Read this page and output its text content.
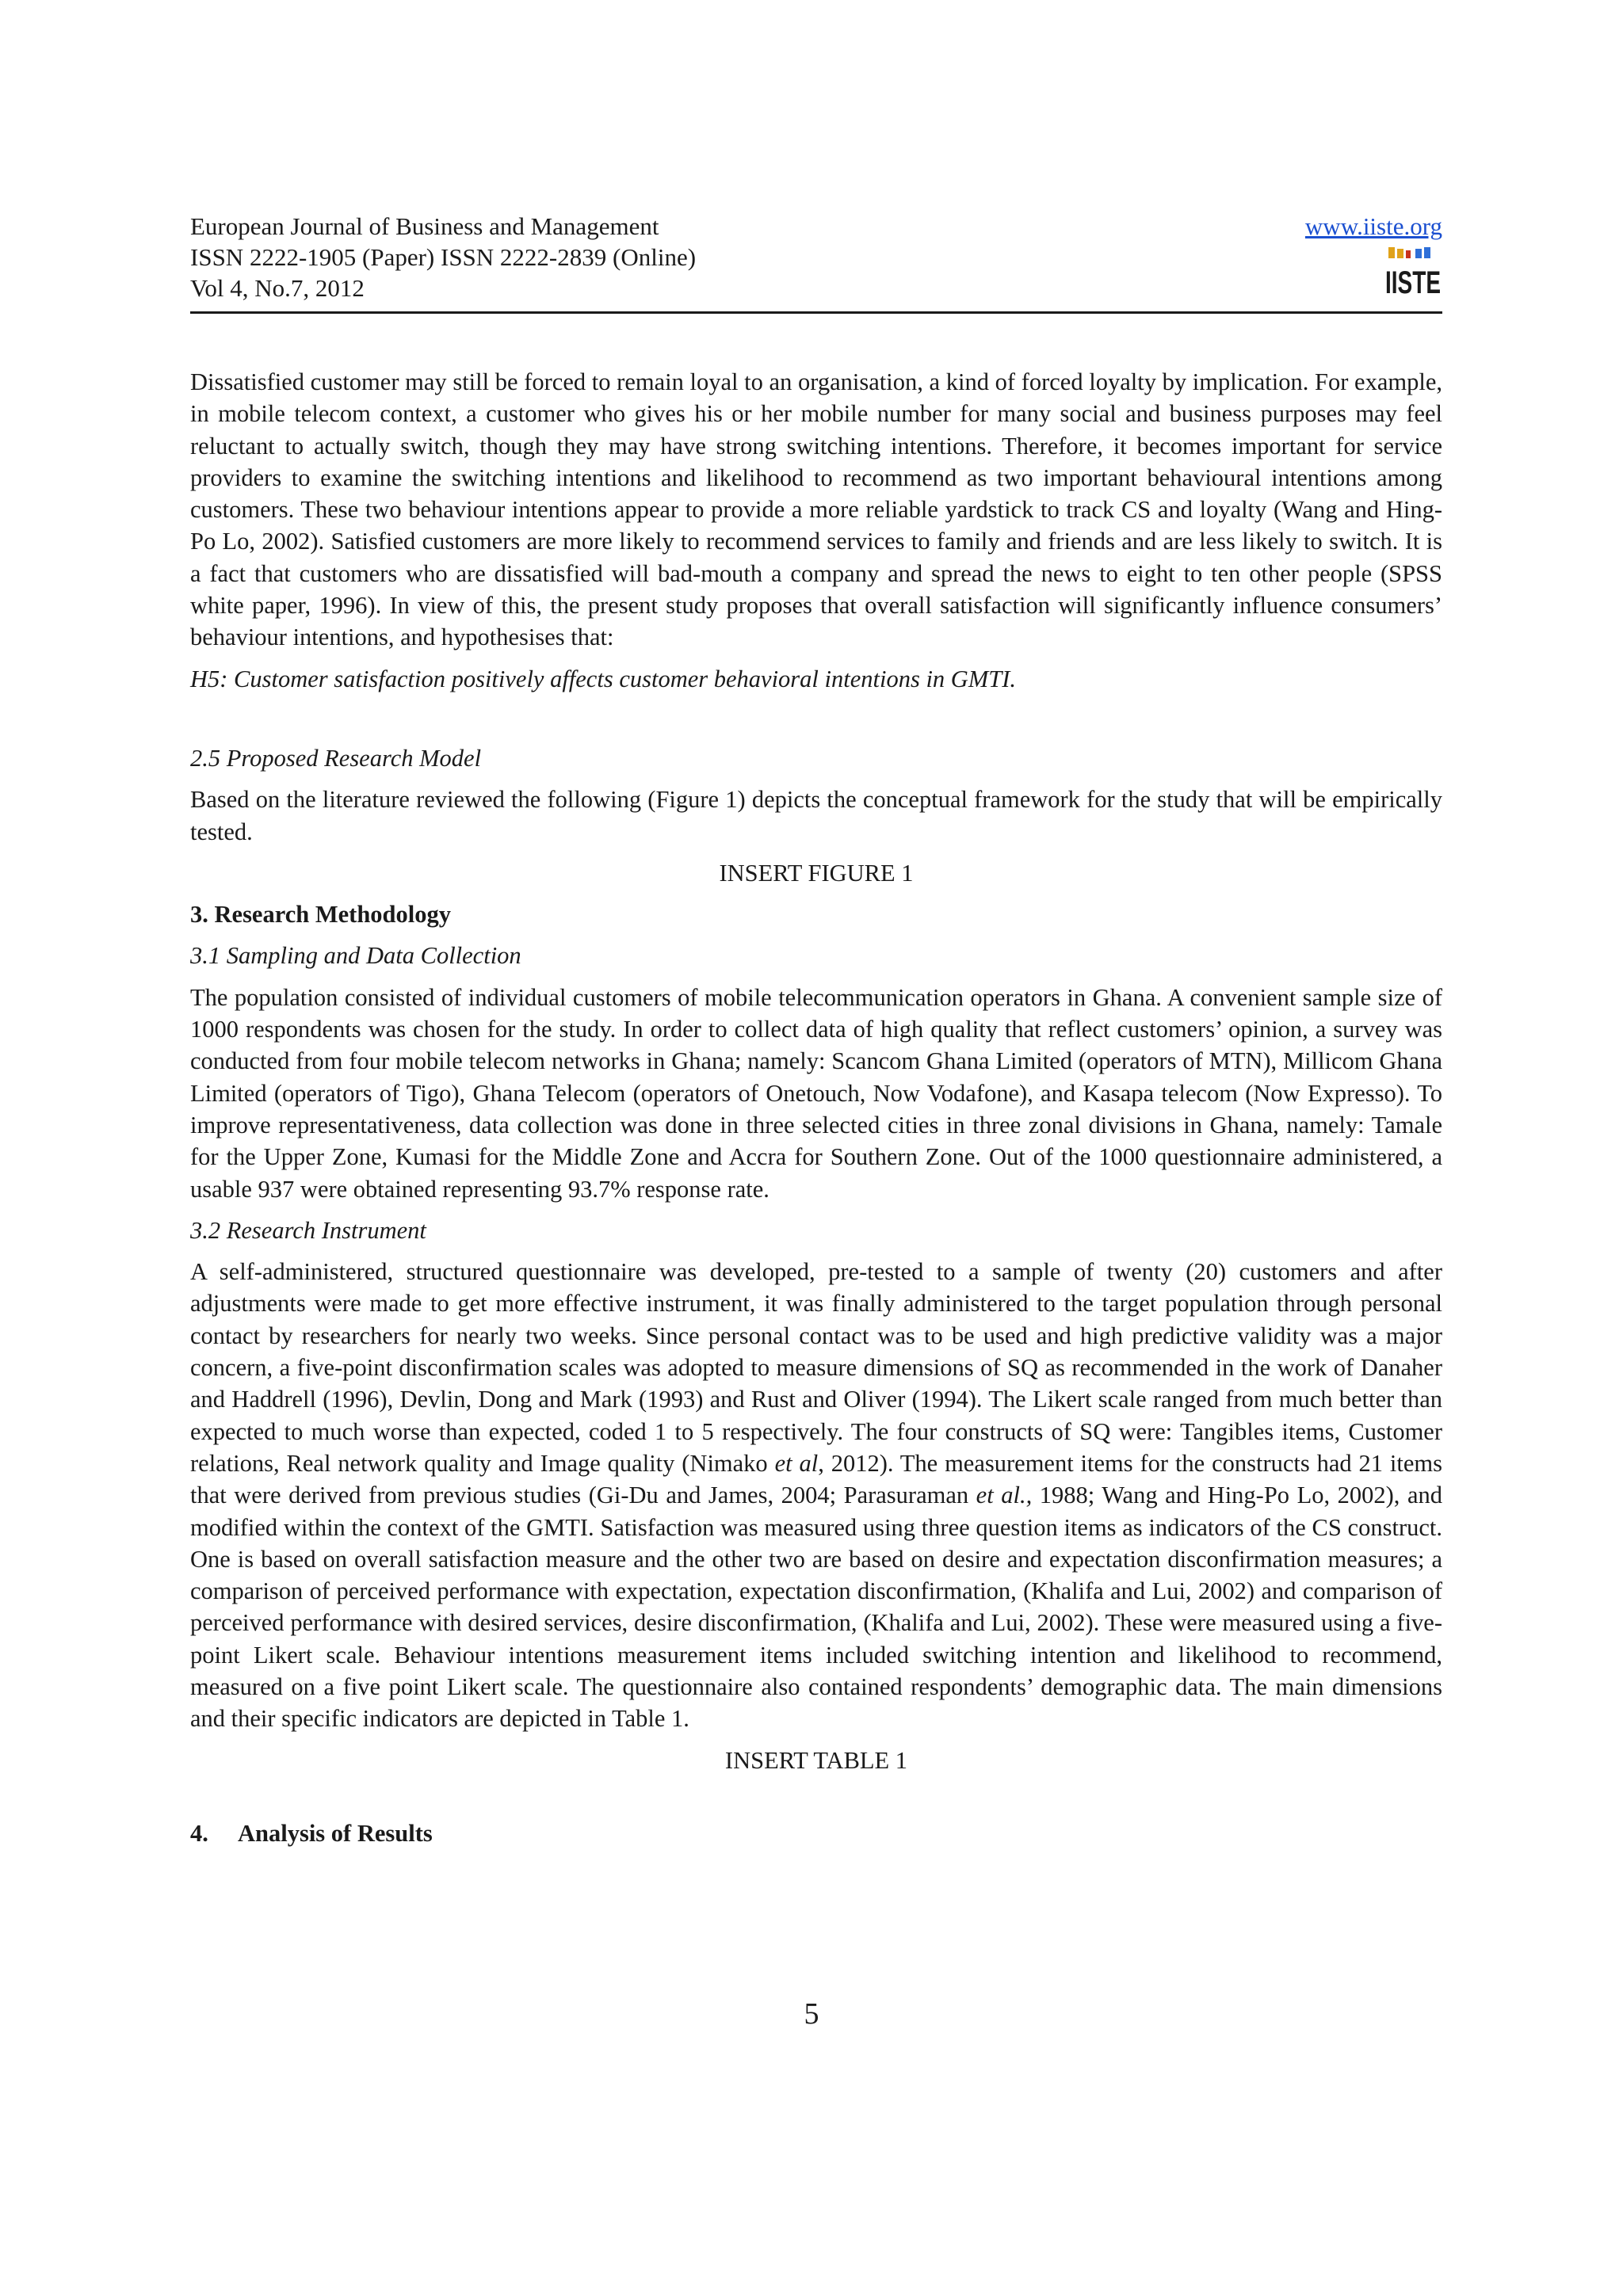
European Journal of Business and Management
ISSN 2222-1905 (Paper) ISSN 2222-2839 (Online)
Vol 4, No.7, 2012
www.iiste.org
IISTE

Dissatisfied customer may still be forced to remain loyal to an organisation, a kind of forced loyalty by implication. For example, in mobile telecom context, a customer who gives his or her mobile number for many social and business purposes may feel reluctant to actually switch, though they may have strong switching intentions. Therefore, it becomes important for service providers to examine the switching intentions and likelihood to recommend as two important behavioural intentions among customers. These two behaviour intentions appear to provide a more reliable yardstick to track CS and loyalty (Wang and Hing-Po Lo, 2002). Satisfied customers are more likely to recommend services to family and friends and are less likely to switch. It is a fact that customers who are dissatisfied will bad-mouth a company and spread the news to eight to ten other people (SPSS white paper, 1996). In view of this, the present study proposes that overall satisfaction will significantly influence consumers’ behaviour intentions, and hypothesises that:

H5: Customer satisfaction positively affects customer behavioral intentions in GMTI.

2.5 Proposed Research Model

Based on the literature reviewed the following (Figure 1) depicts the conceptual framework for the study that will be empirically tested.

INSERT FIGURE 1

3. Research Methodology

3.1 Sampling and Data Collection

The population consisted of individual customers of mobile telecommunication operators in Ghana. A convenient sample size of 1000 respondents was chosen for the study. In order to collect data of high quality that reflect customers’ opinion, a survey was conducted from four mobile telecom networks in Ghana; namely: Scancom Ghana Limited (operators of MTN), Millicom Ghana Limited (operators of Tigo), Ghana Telecom (operators of Onetouch, Now Vodafone), and Kasapa telecom (Now Expresso). To improve representativeness, data collection was done in three selected cities in three zonal divisions in Ghana, namely: Tamale for the Upper Zone, Kumasi for the Middle Zone and Accra for Southern Zone. Out of the 1000 questionnaire administered, a usable 937 were obtained representing 93.7% response rate.

3.2 Research Instrument

A self-administered, structured questionnaire was developed, pre-tested to a sample of twenty (20) customers and after adjustments were made to get more effective instrument, it was finally administered to the target population through personal contact by researchers for nearly two weeks. Since personal contact was to be used and high predictive validity was a major concern, a five-point disconfirmation scales was adopted to measure dimensions of SQ as recommended in the work of Danaher and Haddrell (1996), Devlin, Dong and Mark (1993) and Rust and Oliver (1994). The Likert scale ranged from much better than expected to much worse than expected, coded 1 to 5 respectively. The four constructs of SQ were: Tangibles items, Customer relations, Real network quality and Image quality (Nimako et al, 2012). The measurement items for the constructs had 21 items that were derived from previous studies (Gi-Du and James, 2004; Parasuraman et al., 1988; Wang and Hing-Po Lo, 2002), and modified within the context of the GMTI. Satisfaction was measured using three question items as indicators of the CS construct. One is based on overall satisfaction measure and the other two are based on desire and expectation disconfirmation measures; a comparison of perceived performance with expectation, expectation disconfirmation, (Khalifa and Lui, 2002) and comparison of perceived performance with desired services, desire disconfirmation, (Khalifa and Lui, 2002). These were measured using a five-point Likert scale. Behaviour intentions measurement items included switching intention and likelihood to recommend, measured on a five point Likert scale. The questionnaire also contained respondents’ demographic data. The main dimensions and their specific indicators are depicted in Table 1.

INSERT TABLE 1

4. Analysis of Results

5
